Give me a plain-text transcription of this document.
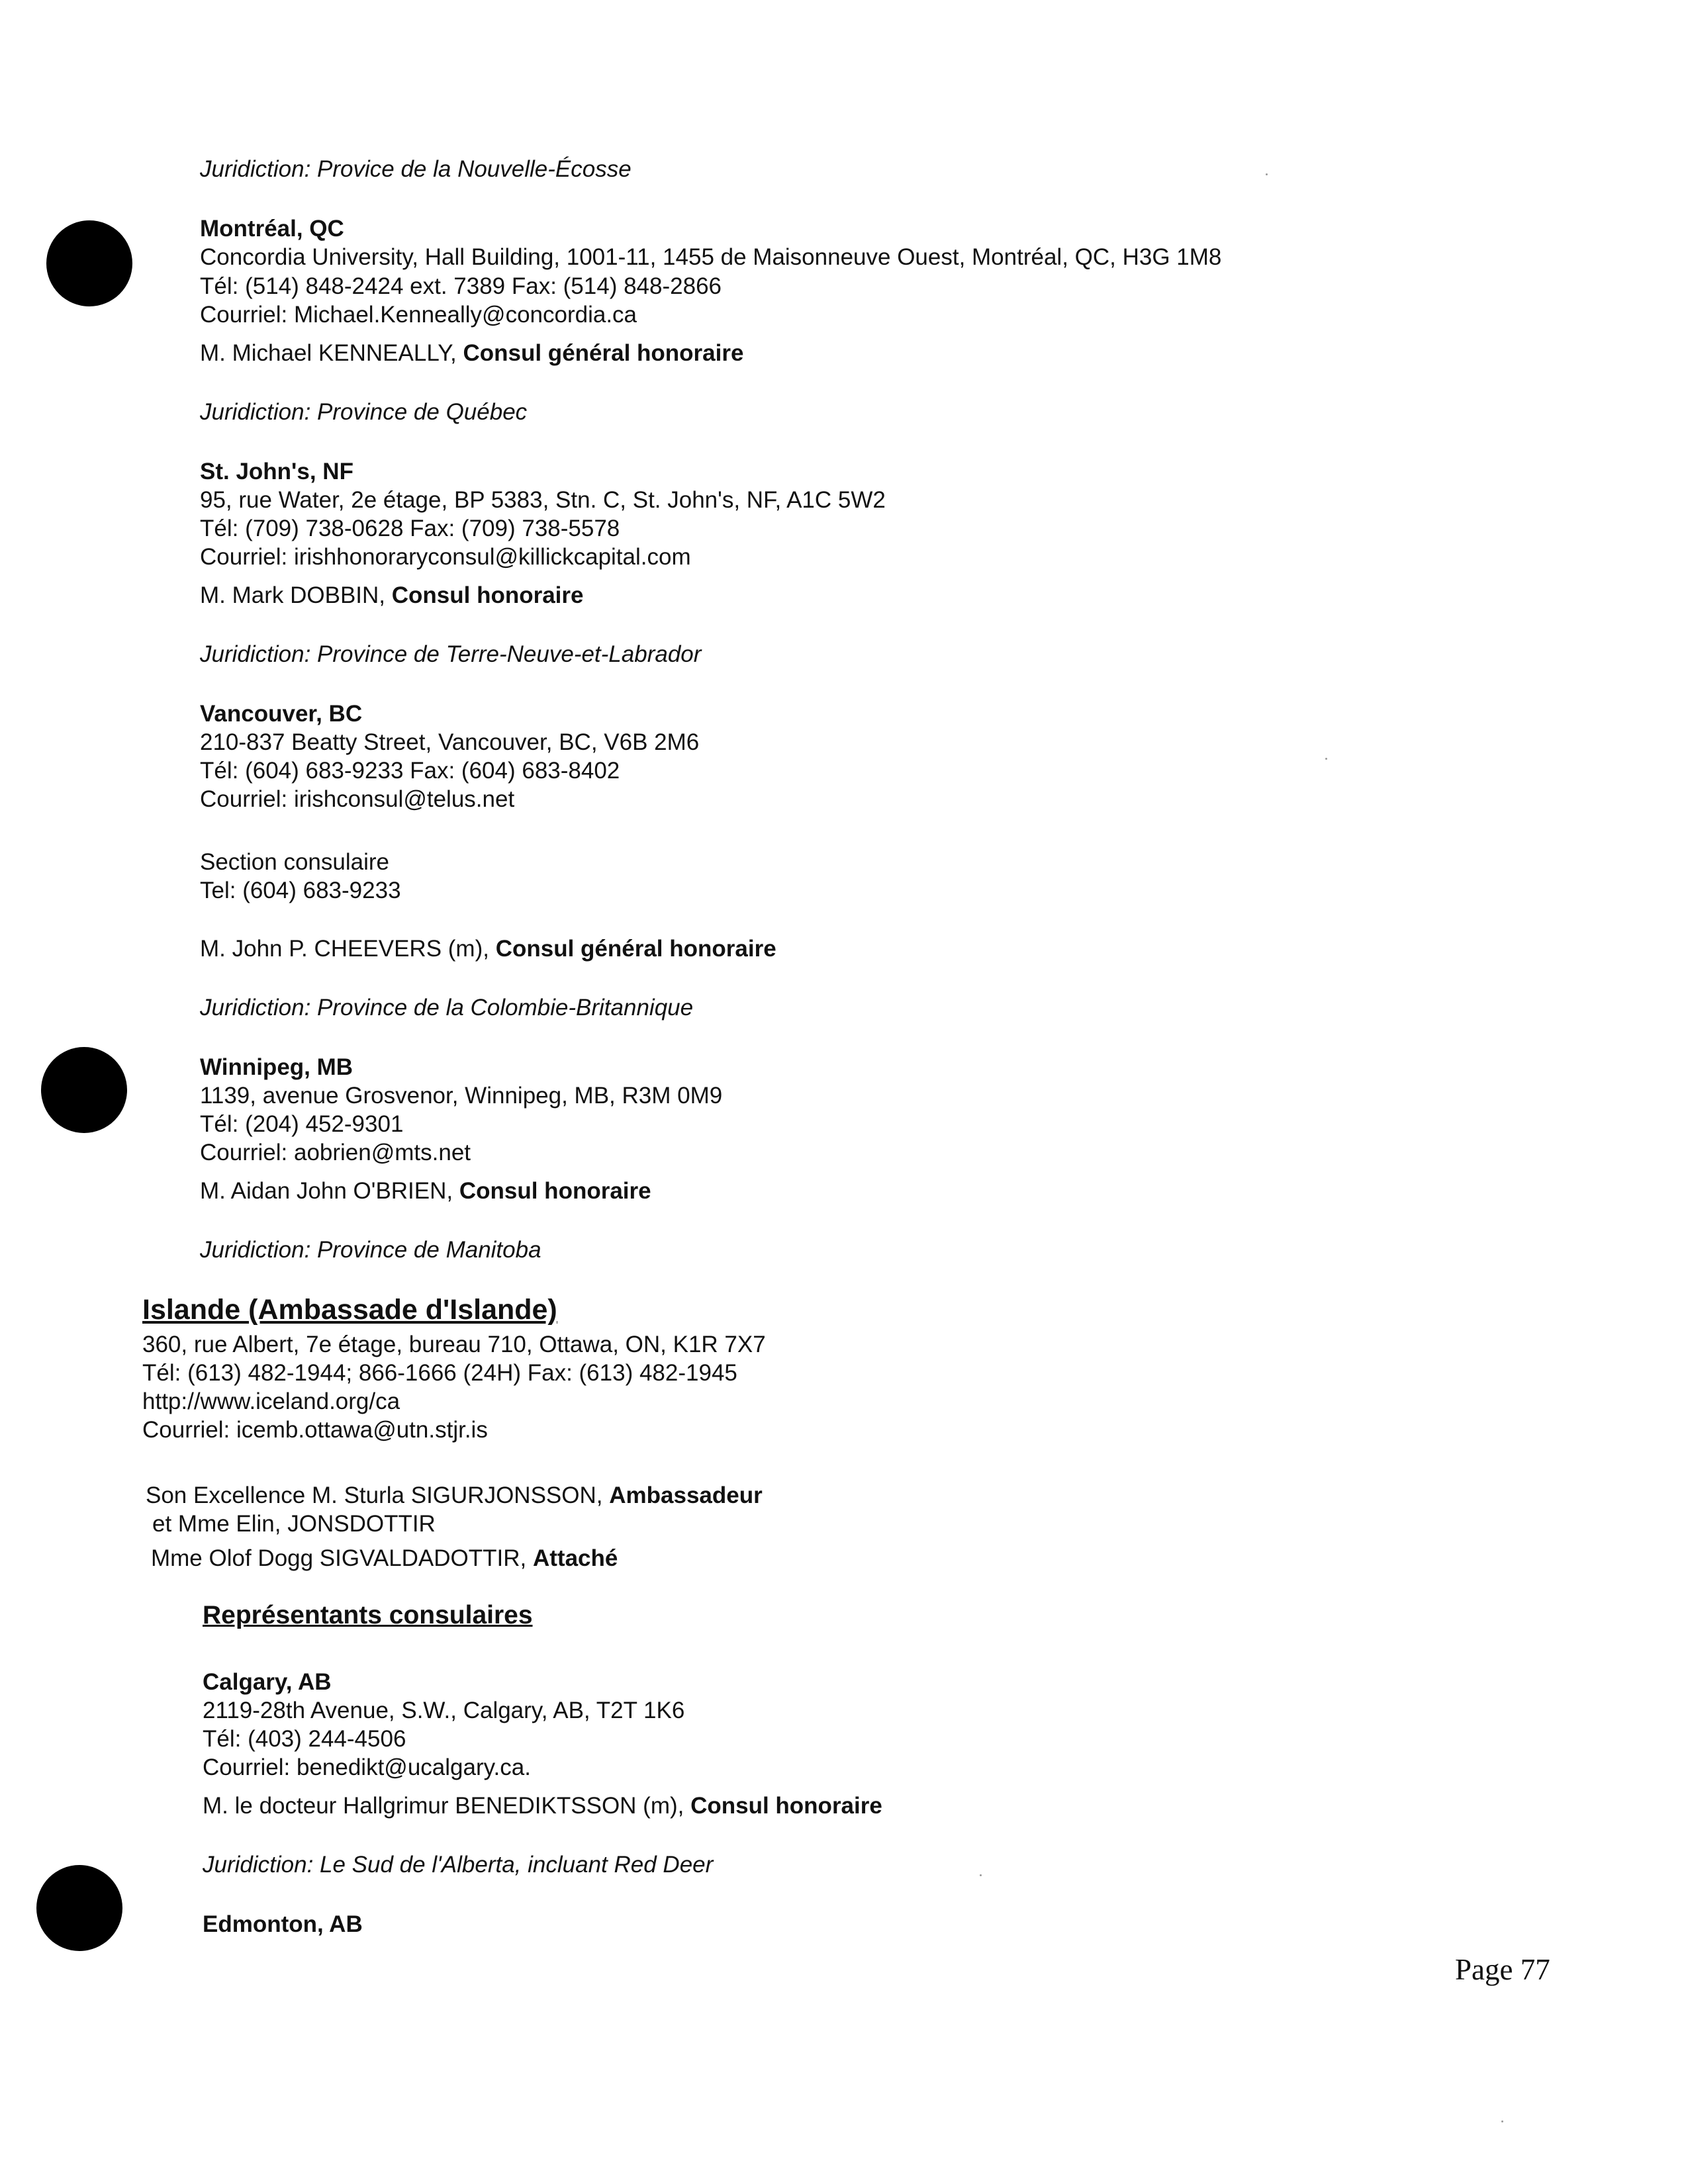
Juridiction: Provice de la Nouvelle-Écosse
Montréal, QC
Concordia University, Hall Building, 1001-11, 1455 de Maisonneuve Ouest, Montréal, QC, H3G 1M8
Tél: (514) 848-2424 ext. 7389 Fax: (514) 848-2866
Courriel: Michael.Kenneally@concordia.ca
M. Michael KENNEALLY, Consul général honoraire
Juridiction: Province de Québec
St. John's, NF
95, rue Water, 2e étage, BP 5383, Stn. C, St. John's, NF, A1C 5W2
Tél: (709) 738-0628 Fax: (709) 738-5578
Courriel: irishhonoraryconsul@killickcapital.com
M. Mark DOBBIN, Consul honoraire
Juridiction: Province de Terre-Neuve-et-Labrador
Vancouver, BC
210-837 Beatty Street, Vancouver, BC, V6B 2M6
Tél: (604) 683-9233 Fax: (604) 683-8402
Courriel: irishconsul@telus.net
Section consulaire
Tel: (604) 683-9233
M. John P. CHEEVERS (m), Consul général honoraire
Juridiction: Province de la Colombie-Britannique
Winnipeg, MB
1139, avenue Grosvenor, Winnipeg, MB, R3M 0M9
Tél: (204) 452-9301
Courriel: aobrien@mts.net
M. Aidan John O'BRIEN, Consul honoraire
Juridiction: Province de Manitoba
Islande (Ambassade d'Islande)
360, rue Albert, 7e étage, bureau 710, Ottawa, ON, K1R 7X7
Tél: (613) 482-1944; 866-1666 (24H) Fax: (613) 482-1945
http://www.iceland.org/ca
Courriel: icemb.ottawa@utn.stjr.is
Son Excellence M. Sturla SIGURJONSSON, Ambassadeur
et Mme Elin, JONSDOTTIR
Mme Olof Dogg SIGVALDADOTTIR, Attaché
Représentants consulaires
Calgary, AB
2119-28th Avenue, S.W., Calgary, AB, T2T 1K6
Tél: (403) 244-4506
Courriel: benedikt@ucalgary.ca.
M. le docteur Hallgrimur BENEDIKTSSON (m), Consul honoraire
Juridiction: Le Sud de l'Alberta, incluant Red Deer
Edmonton, AB
Page 77
